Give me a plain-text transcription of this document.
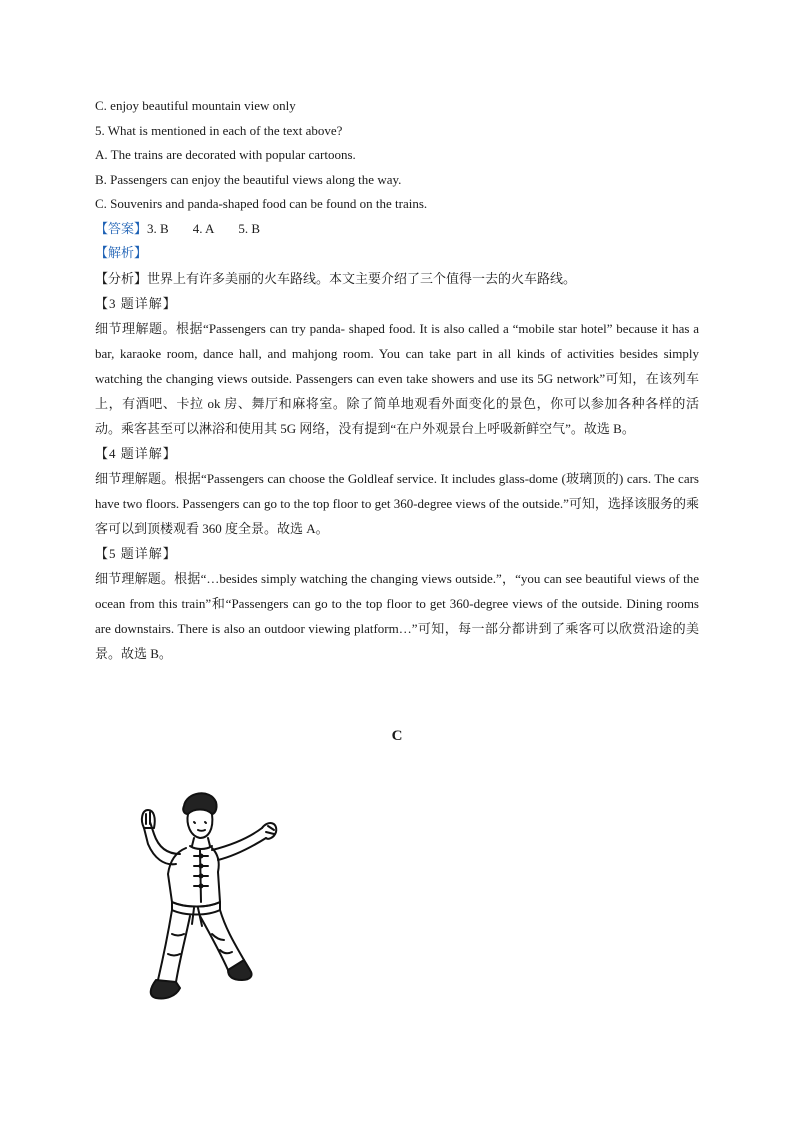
C. enjoy beautiful mountain view only
5. What is mentioned in each of the text above?
A. The trains are decorated with popular cartoons.
B. Passengers can enjoy the beautiful views along the way.
C. Souvenirs and panda-shaped food can be found on the trains.
【答案】3. B 4. A 5. B
【解析】
【分析】世界上有许多美丽的火车路线。本文主要介绍了三个值得一去的火车路线。
【3 题详解】
细节理解题。根据“Passengers can try panda- shaped food. It is also called a “mobile star hotel” because it has a bar, karaoke room, dance hall, and mahjong room. You can take part in all kinds of activities besides simply watching the changing views outside. Passengers can even take showers and use its 5G network”可知，在该列车上，有酒吧、卡拉 ok 房、舞厅和麻将室。除了简单地观看外面变化的景色，你可以参加各种各样的活动。乘客甚至可以淋浴和使用其 5G 网络，没有提到“在户外观景台上呼吸新鲜空气”。故选 B。
【4 题详解】
细节理解题。根据“Passengers can choose the Goldleaf service. It includes glass-dome (玻璃顶的) cars. The cars have two floors. Passengers can go to the top floor to get 360-degree views of the outside.”可知，选择该服务的乘客可以到顶楼观看 360 度全景。故选 A。
【5 题详解】
细节理解题。根据“…besides simply watching the changing views outside.”，“you can see beautiful views of the ocean from this train”和“Passengers can go to the top floor to get 360-degree views of the outside. Dining rooms are downstairs. There is also an outdoor viewing platform…”可知，每一部分都讲到了乘客可以欣赏沿途的美景。故选 B。
C
